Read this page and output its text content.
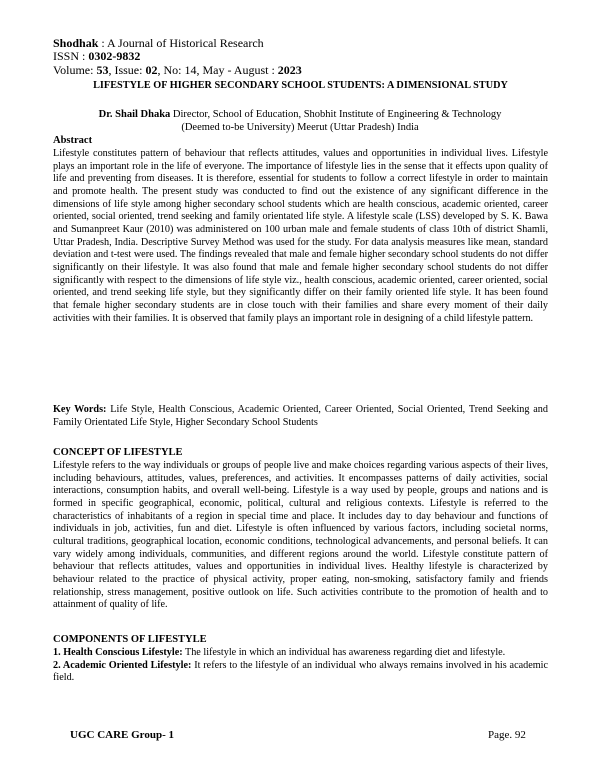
Shodhak : A Journal of Historical Research
ISSN : 0302-9832
Volume: 53, Issue: 02, No: 14, May - August : 2023
LIFESTYLE OF HIGHER SECONDARY SCHOOL STUDENTS: A DIMENSIONAL STUDY
Dr. Shail Dhaka Director, School of Education, Shobhit Institute of Engineering & Technology
(Deemed to-be University) Meerut (Uttar Pradesh) India
Abstract
Lifestyle constitutes pattern of behaviour that reflects attitudes, values and opportunities in individual lives. Lifestyle plays an important role in the life of everyone. The importance of lifestyle lies in the sense that it effects upon quality of life and preventing from diseases. It is therefore, essential for students to follow a correct lifestyle in order to maintain and promote health. The present study was conducted to find out the existence of any significant difference in the dimensions of life style among higher secondary school students which are health conscious, academic oriented, career oriented, social oriented, trend seeking and family orientated life style. A lifestyle scale (LSS) developed by S. K. Bawa and Sumanpreet Kaur (2010) was administered on 100 urban male and female students of class 10th of district Shamli, Uttar Pradesh, India. Descriptive Survey Method was used for the study. For data analysis measures like mean, standard deviation and t-test were used. The findings revealed that male and female higher secondary school students do not differ significantly on their lifestyle. It was also found that male and female higher secondary school students do not differ significantly with respect to the dimensions of life style viz., health conscious, academic oriented, career oriented, social oriented, and trend seeking life style, but they significantly differ on their family oriented life style. It has been found that female higher secondary students are in close touch with their families and share every moment of their daily activities with their families. It is observed that family plays an important role in designing of a child lifestyle pattern.
Key Words: Life Style, Health Conscious, Academic Oriented, Career Oriented, Social Oriented, Trend Seeking and Family Orientated Life Style, Higher Secondary School Students
CONCEPT OF LIFESTYLE
Lifestyle refers to the way individuals or groups of people live and make choices regarding various aspects of their lives, including behaviours, attitudes, values, preferences, and activities. It encompasses patterns of daily activities, social interactions, consumption habits, and overall well-being. Lifestyle is a way used by people, groups and nations and is formed in specific geographical, economic, political, cultural and religious contexts. Lifestyle is referred to the characteristics of inhabitants of a region in special time and place. It includes day to day behaviour and functions of individuals in job, activities, fun and diet. Lifestyle is often influenced by various factors, including societal norms, cultural traditions, geographical location, economic conditions, technological advancements, and personal beliefs. It can vary widely among individuals, communities, and different regions around the world. Lifestyle constitute pattern of behaviour that reflects attitudes, values and opportunities in individual lives. Healthy lifestyle is characterized by behaviour related to the practice of physical activity, proper eating, non-smoking, satisfactory family and friends relationship, stress management, positive outlook on life. Such activities contribute to the promotion of health and to attainment of quality of life.
COMPONENTS OF LIFESTYLE
1. Health Conscious Lifestyle: The lifestyle in which an individual has awareness regarding diet and lifestyle.
2. Academic Oriented Lifestyle: It refers to the lifestyle of an individual who always remains involved in his academic field.
UGC CARE Group- 1	Page. 92
